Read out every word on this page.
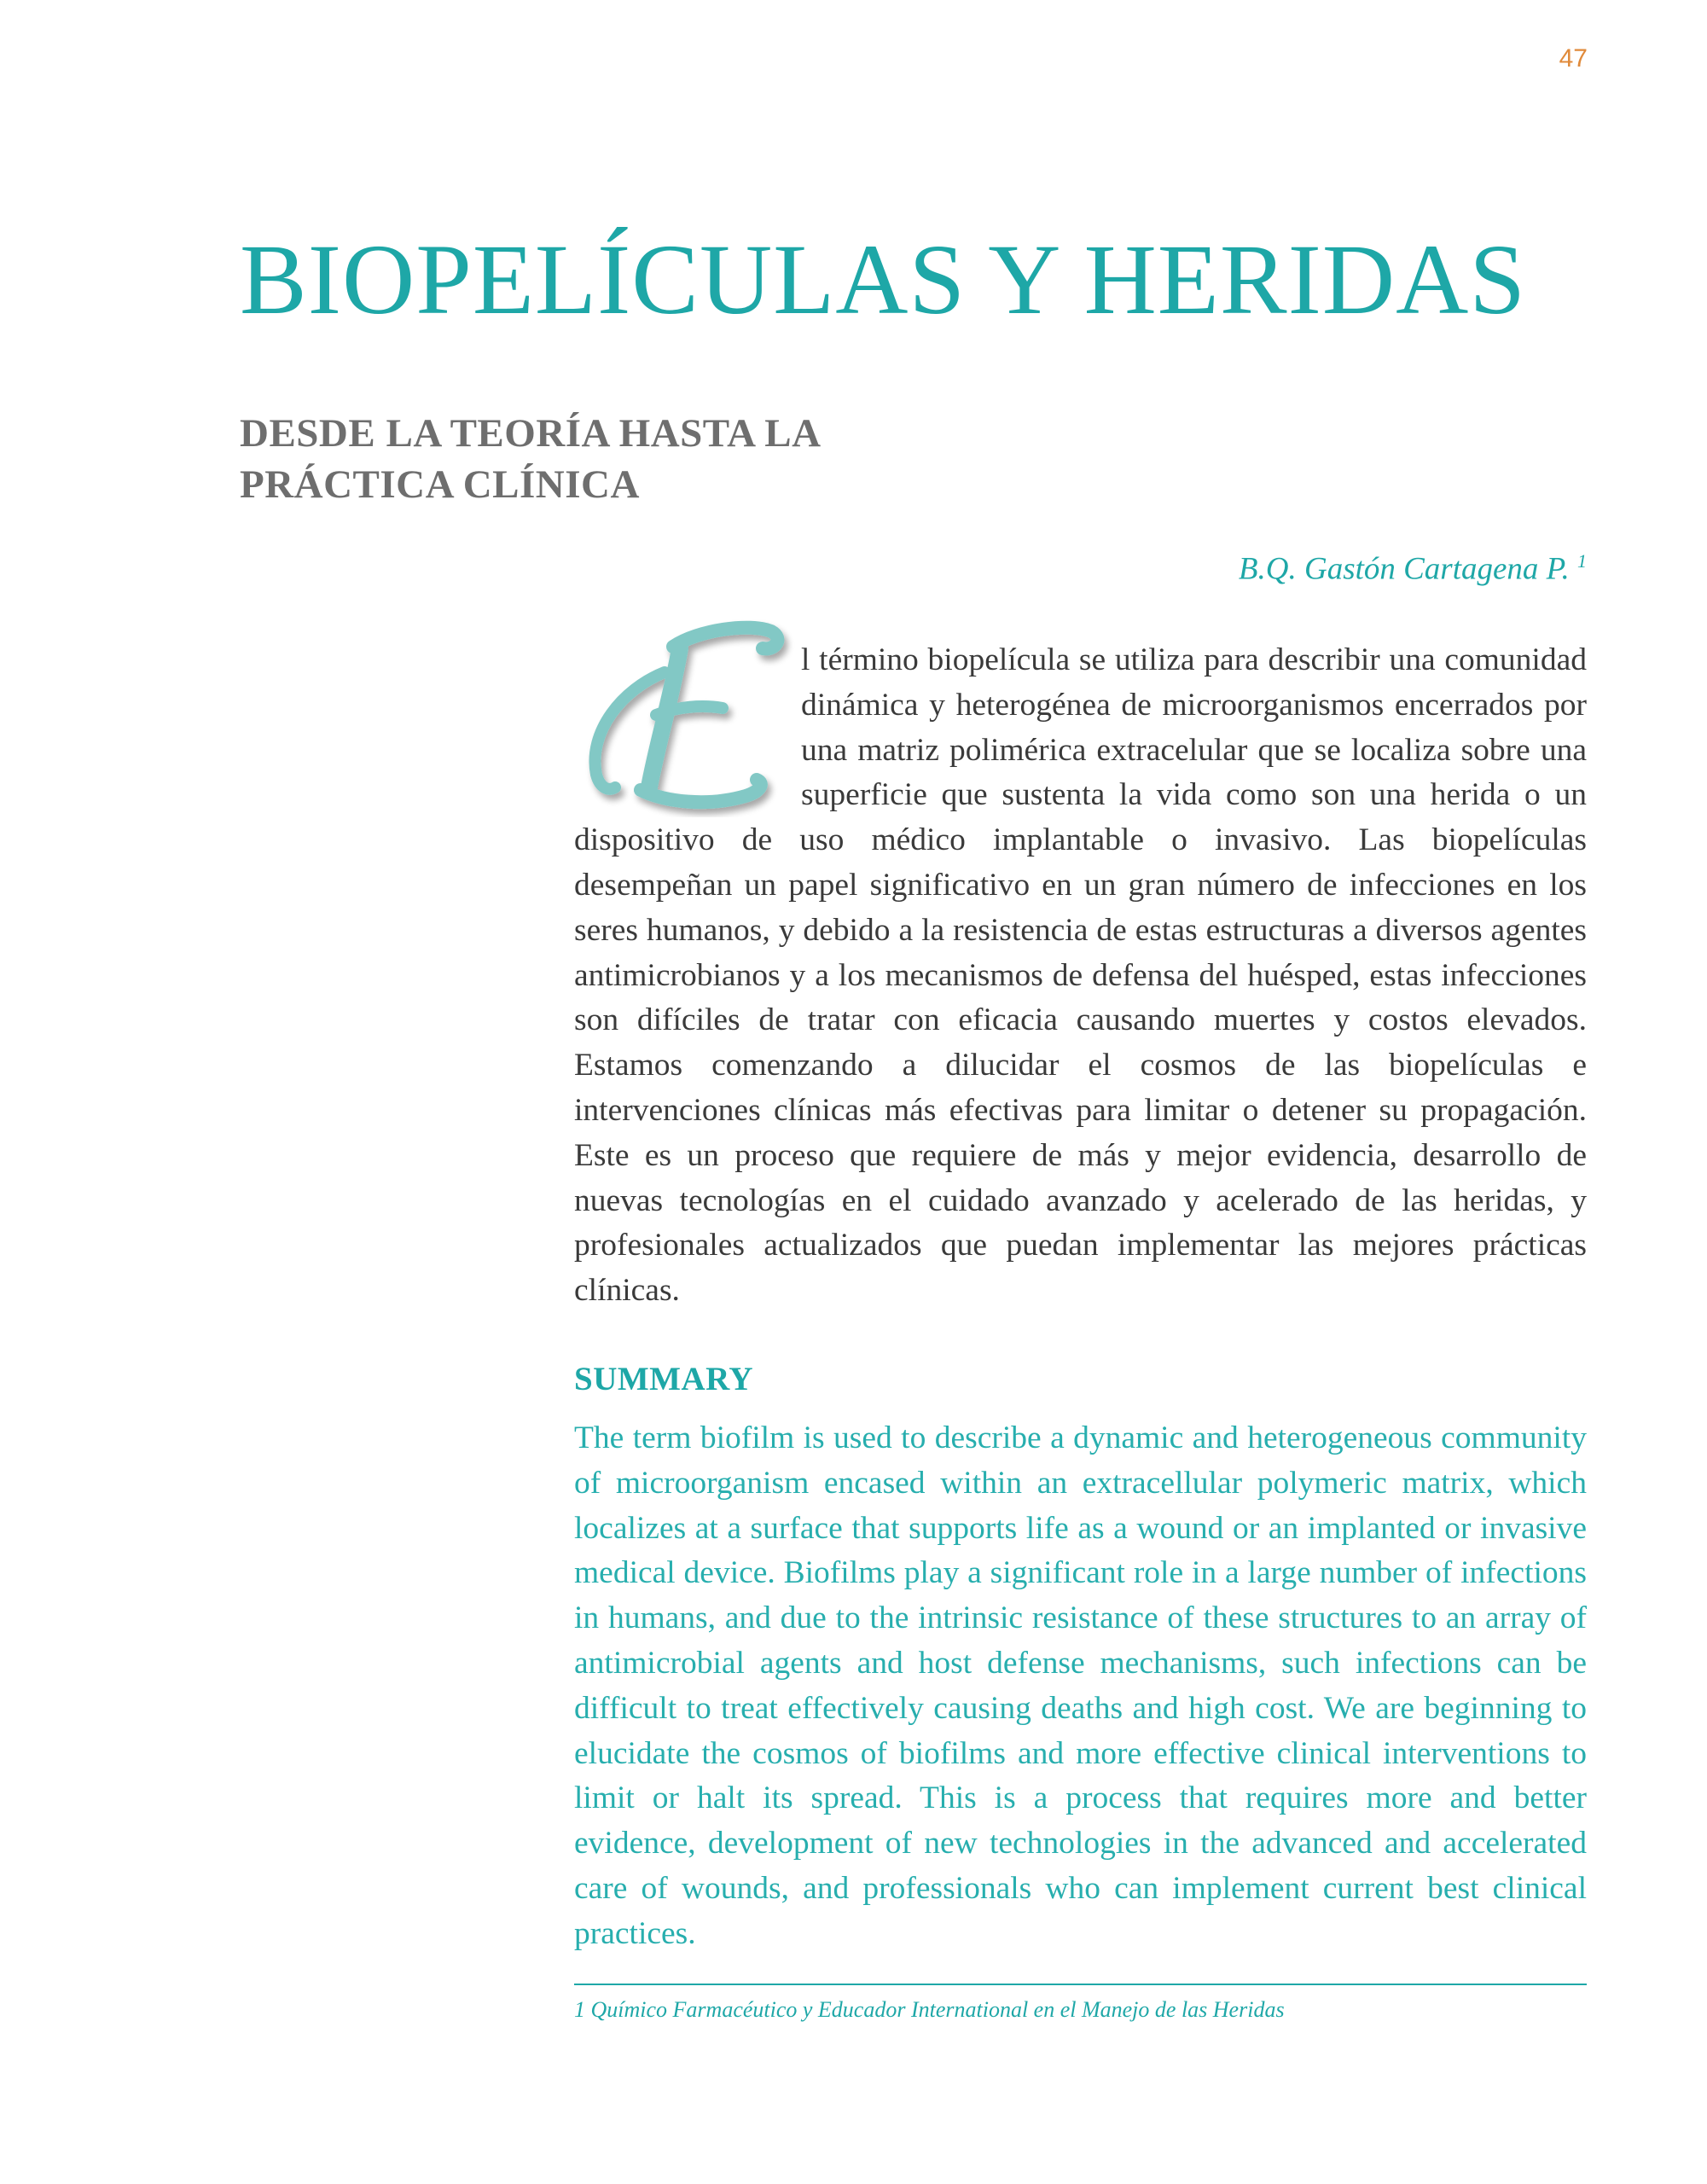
47
BIOPELÍCULAS Y HERIDAS
DESDE LA TEORÍA HASTA LA
PRÁCTICA CLÍNICA
B.Q. Gastón Cartagena P. $^1$

E
l término biopelícula se utiliza para describir una comunidad dinámica y heterogénea de microorganismos encerrados por una matriz polimérica extracelular que se localiza sobre una superficie que sustenta la vida como son una herida o un dispositivo de uso médico implantable o invasivo. Las biopelículas desempeñan un papel significativo en un gran número de infecciones en los seres humanos, y debido a la resistencia de estas estructuras a diversos agentes antimicrobianos y a los mecanismos de defensa del huésped, estas infecciones son difíciles de tratar con eficacia causando muertes y costos elevados. Estamos comenzando a dilucidar el cosmos de las biopelículas e intervenciones clínicas más efectivas para limitar o detener su propagación. Este es un proceso que requiere de más y mejor evidencia, desarrollo de nuevas tecnologías en el cuidado avanzado y acelerado de las heridas, y profesionales actualizados que puedan implementar las mejores prácticas clínicas.

SUMMARY

The term biofilm is used to describe a dynamic and heterogeneous community of microorganism encased within an extracellular polymeric matrix, which localizes at a surface that supports life as a wound or an implanted or invasive medical device. Biofilms play a significant role in a large number of infections in humans, and due to the intrinsic resistance of these structures to an array of antimicrobial agents and host defense mechanisms, such infections can be difficult to treat effectively causing deaths and high cost. We are beginning to elucidate the cosmos of biofilms and more effective clinical interventions to limit or halt its spread. This is a process that requires more and better evidence, development of new technologies in the advanced and accelerated care of wounds, and professionals who can implement current best clinical practices.

1 Químico Farmacéutico y Educador International en el Manejo de las Heridas
